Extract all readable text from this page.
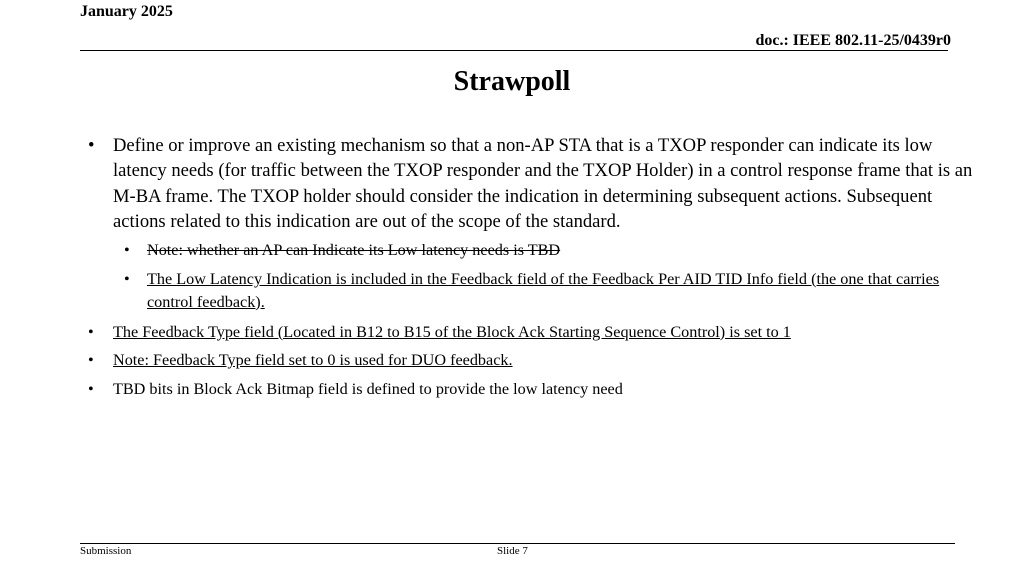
January 2025
doc.: IEEE 802.11-25/0439r0
Strawpoll
• Define or improve an existing mechanism so that a non-AP STA that is a TXOP responder can indicate its low latency needs (for traffic between the TXOP responder and the TXOP Holder) in a control response frame that is an M-BA frame. The TXOP holder should consider the indication in determining subsequent actions. Subsequent actions related to this indication are out of the scope of the standard.
• Note: whether an AP can Indicate its Low latency needs is TBD
• The Low Latency Indication is included in the Feedback field of the Feedback Per AID TID Info field (the one that carries control feedback).
• The Feedback Type field (Located in B12 to B15 of the Block Ack Starting Sequence Control) is set to 1
• Note: Feedback Type field set to 0 is used for DUO feedback.
• TBD bits in Block Ack Bitmap field is defined to provide the low latency need
Submission	Slide 7
